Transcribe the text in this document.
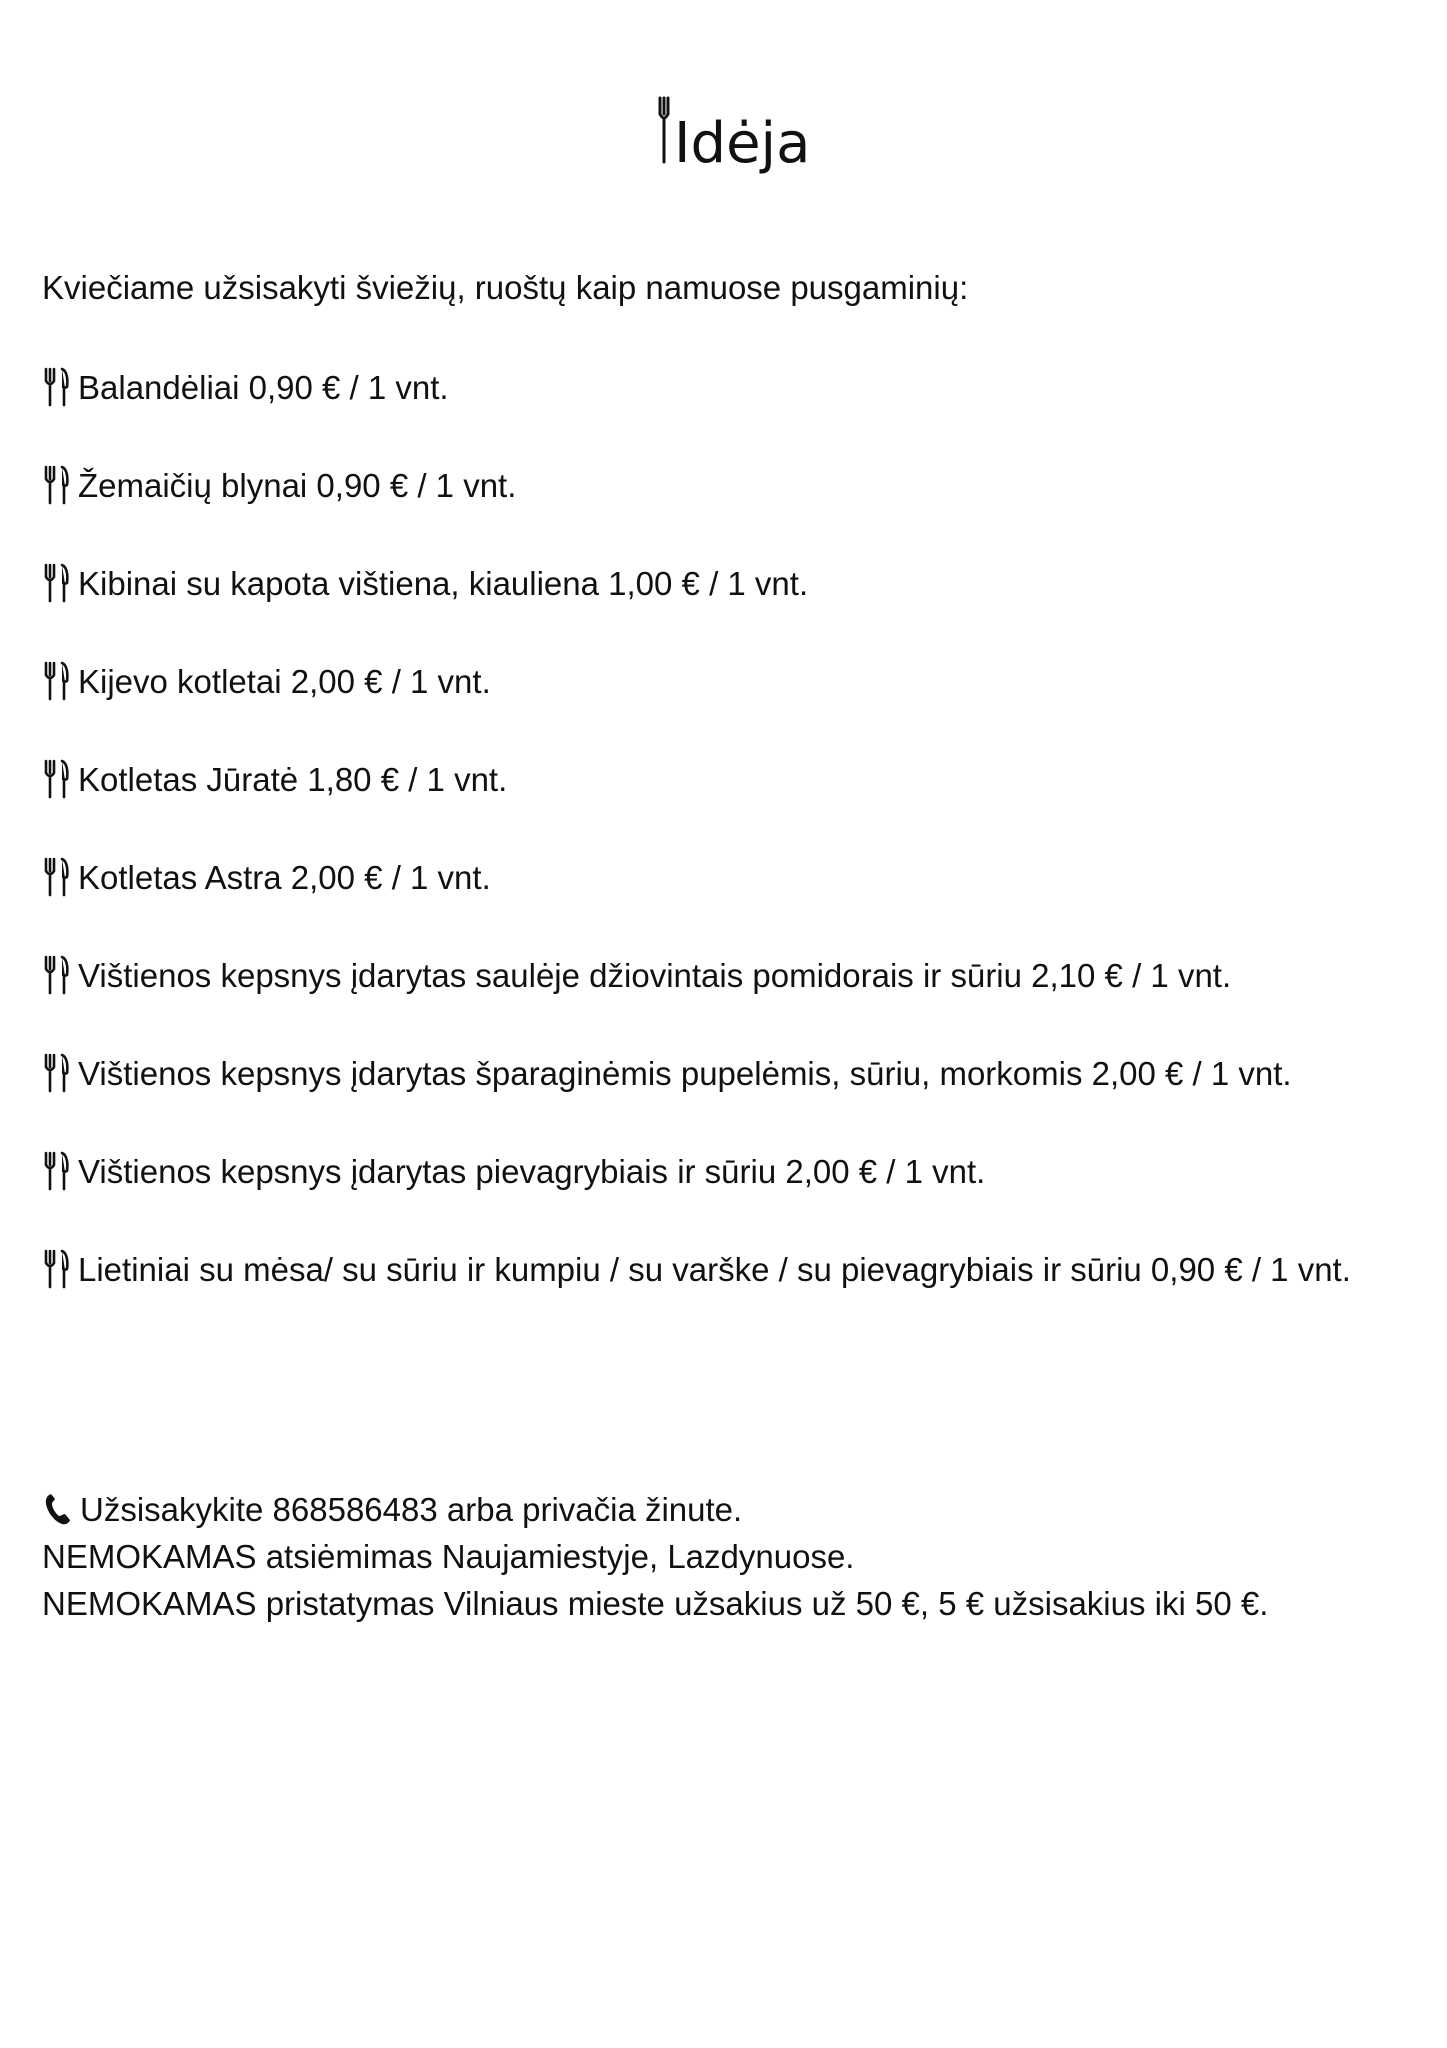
Idėja
Kviečiame užsisakyti šviežių, ruoštų kaip namuose pusgaminių:
Balandėliai 0,90 € / 1 vnt.
Žemaičių blynai 0,90 € / 1 vnt.
Kibinai su kapota vištiena, kiauliena 1,00 € / 1 vnt.
Kijevo kotletai 2,00 € / 1 vnt.
Kotletas Jūratė 1,80 € / 1 vnt.
Kotletas Astra 2,00 € / 1 vnt.
Vištienos kepsnys įdarytas saulėje džiovintais pomidorais ir sūriu 2,10 € / 1 vnt.
Vištienos kepsnys įdarytas šparaginėmis pupelėmis, sūriu, morkomis 2,00 € / 1 vnt.
Vištienos kepsnys įdarytas pievagrybiais ir sūriu 2,00 € / 1 vnt.
Lietiniai su mėsa/ su sūriu ir kumpiu / su varške / su pievagrybiais ir sūriu 0,90 € / 1 vnt.
Užsisakykite 868586483 arba privačia žinute.
NEMOKAMAS atsiėmimas Naujamiestyje, Lazdynuose.
NEMOKAMAS pristatymas Vilniaus mieste užsakius už 50 €, 5 € užsisakius iki 50 €.
